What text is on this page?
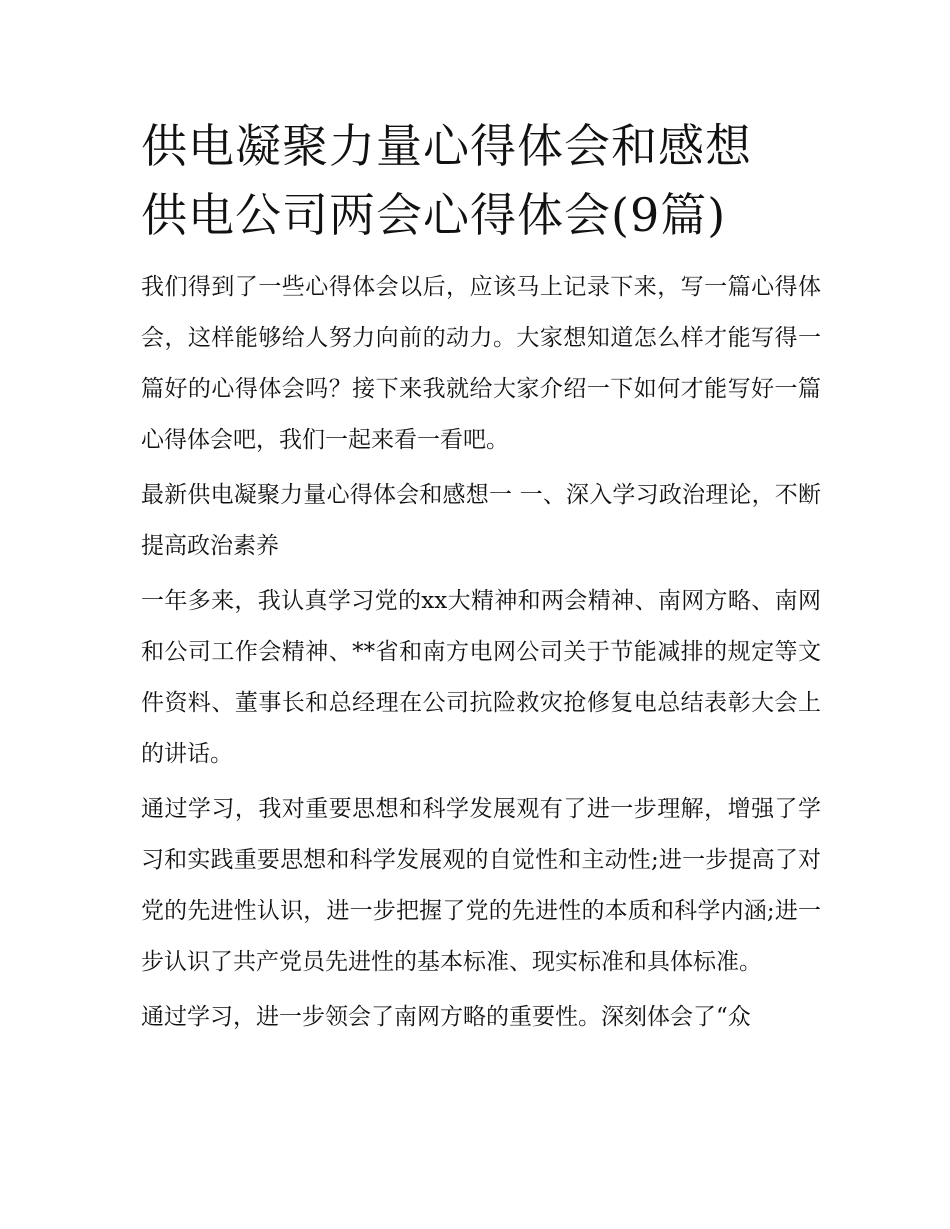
供电凝聚力量心得体会和感想
供电公司两会心得体会(9篇)

我们得到了一些心得体会以后，应该马上记录下来，写一篇心得体会，这样能够给人努力向前的动力。大家想知道怎么样才能写得一篇好的心得体会吗？接下来我就给大家介绍一下如何才能写好一篇心得体会吧，我们一起来看一看吧。

最新供电凝聚力量心得体会和感想一 一、深入学习政治理论，不断提高政治素养

一年多来，我认真学习党的xx大精神和两会精神、南网方略、南网和公司工作会精神、**省和南方电网公司关于节能减排的规定等文件资料、董事长和总经理在公司抗险救灾抢修复电总结表彰大会上的讲话。

通过学习，我对重要思想和科学发展观有了进一步理解，增强了学习和实践重要思想和科学发展观的自觉性和主动性;进一步提高了对党的先进性认识，进一步把握了党的先进性的本质和科学内涵;进一步认识了共产党员先进性的基本标准、现实标准和具体标准。

通过学习，进一步领会了南网方略的重要性。深刻体会了“众
